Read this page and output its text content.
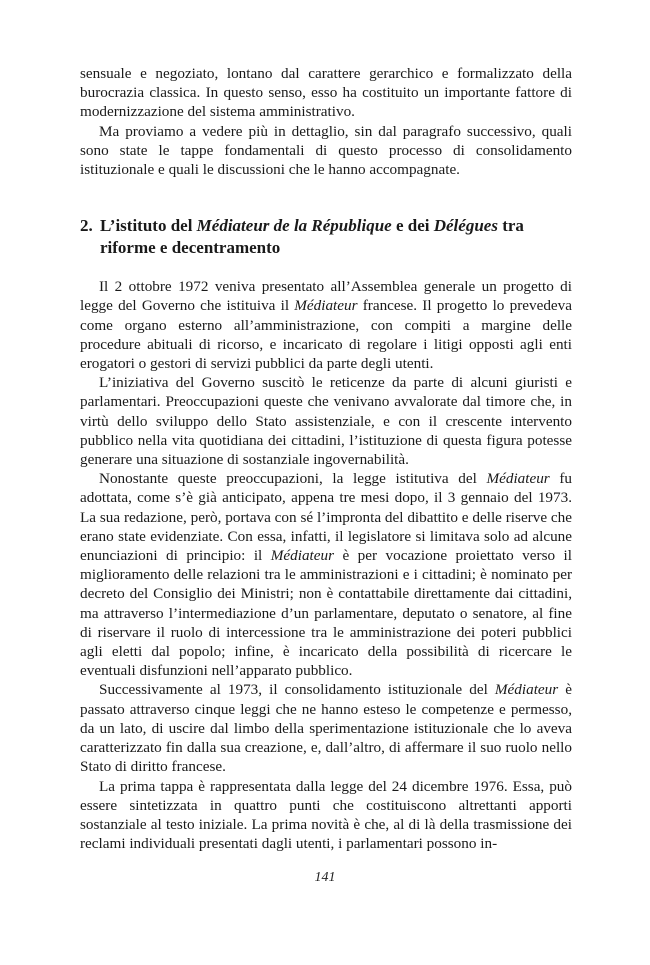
sensuale e negoziato, lontano dal carattere gerarchico e formalizzato della burocrazia classica. In questo senso, esso ha costituito un importante fattore di modernizzazione del sistema amministrativo.

Ma proviamo a vedere più in dettaglio, sin dal paragrafo successivo, quali sono state le tappe fondamentali di questo processo di consolidamento istituzionale e quali le discussioni che le hanno accompagnate.

2. L’istituto del Médiateur de la République e dei Délégues tra riforme e decentramento

Il 2 ottobre 1972 veniva presentato all’Assemblea generale un progetto di legge del Governo che istituiva il Médiateur francese. Il progetto lo prevedeva come organo esterno all’amministrazione, con compiti a margine delle procedure abituali di ricorso, e incaricato di regolare i litigi opposti agli enti erogatori o gestori di servizi pubblici da parte degli utenti.

L’iniziativa del Governo suscitò le reticenze da parte di alcuni giuristi e parlamentari. Preoccupazioni queste che venivano avvalorate dal timore che, in virtù dello sviluppo dello Stato assistenziale, e con il crescente intervento pubblico nella vita quotidiana dei cittadini, l’istituzione di questa figura potesse generare una situazione di sostanziale ingovernabilità.

Nonostante queste preoccupazioni, la legge istitutiva del Médiateur fu adottata, come s’è già anticipato, appena tre mesi dopo, il 3 gennaio del 1973. La sua redazione, però, portava con sé l’impronta del dibattito e delle riserve che erano state evidenziate. Con essa, infatti, il legislatore si limitava solo ad alcune enunciazioni di principio: il Médiateur è per vocazione proiettato verso il miglioramento delle relazioni tra le amministrazioni e i cittadini; è nominato per decreto del Consiglio dei Ministri; non è contattabile direttamente dai cittadini, ma attraverso l’intermediazione d’un parlamentare, deputato o senatore, al fine di riservare il ruolo di intercessione tra le amministrazione dei poteri pubblici agli eletti dal popolo; infine, è incaricato della possibilità di ricercare le eventuali disfunzioni nell’apparato pubblico.

Successivamente al 1973, il consolidamento istituzionale del Médiateur è passato attraverso cinque leggi che ne hanno esteso le competenze e permesso, da un lato, di uscire dal limbo della sperimentazione istituzionale che lo aveva caratterizzato fin dalla sua creazione, e, dall’altro, di affermare il suo ruolo nello Stato di diritto francese.

La prima tappa è rappresentata dalla legge del 24 dicembre 1976. Essa, può essere sintetizzata in quattro punti che costituiscono altrettanti apporti sostanziale al testo iniziale. La prima novità è che, al di là della trasmissione dei reclami individuali presentati dagli utenti, i parlamentari possono in-

141
